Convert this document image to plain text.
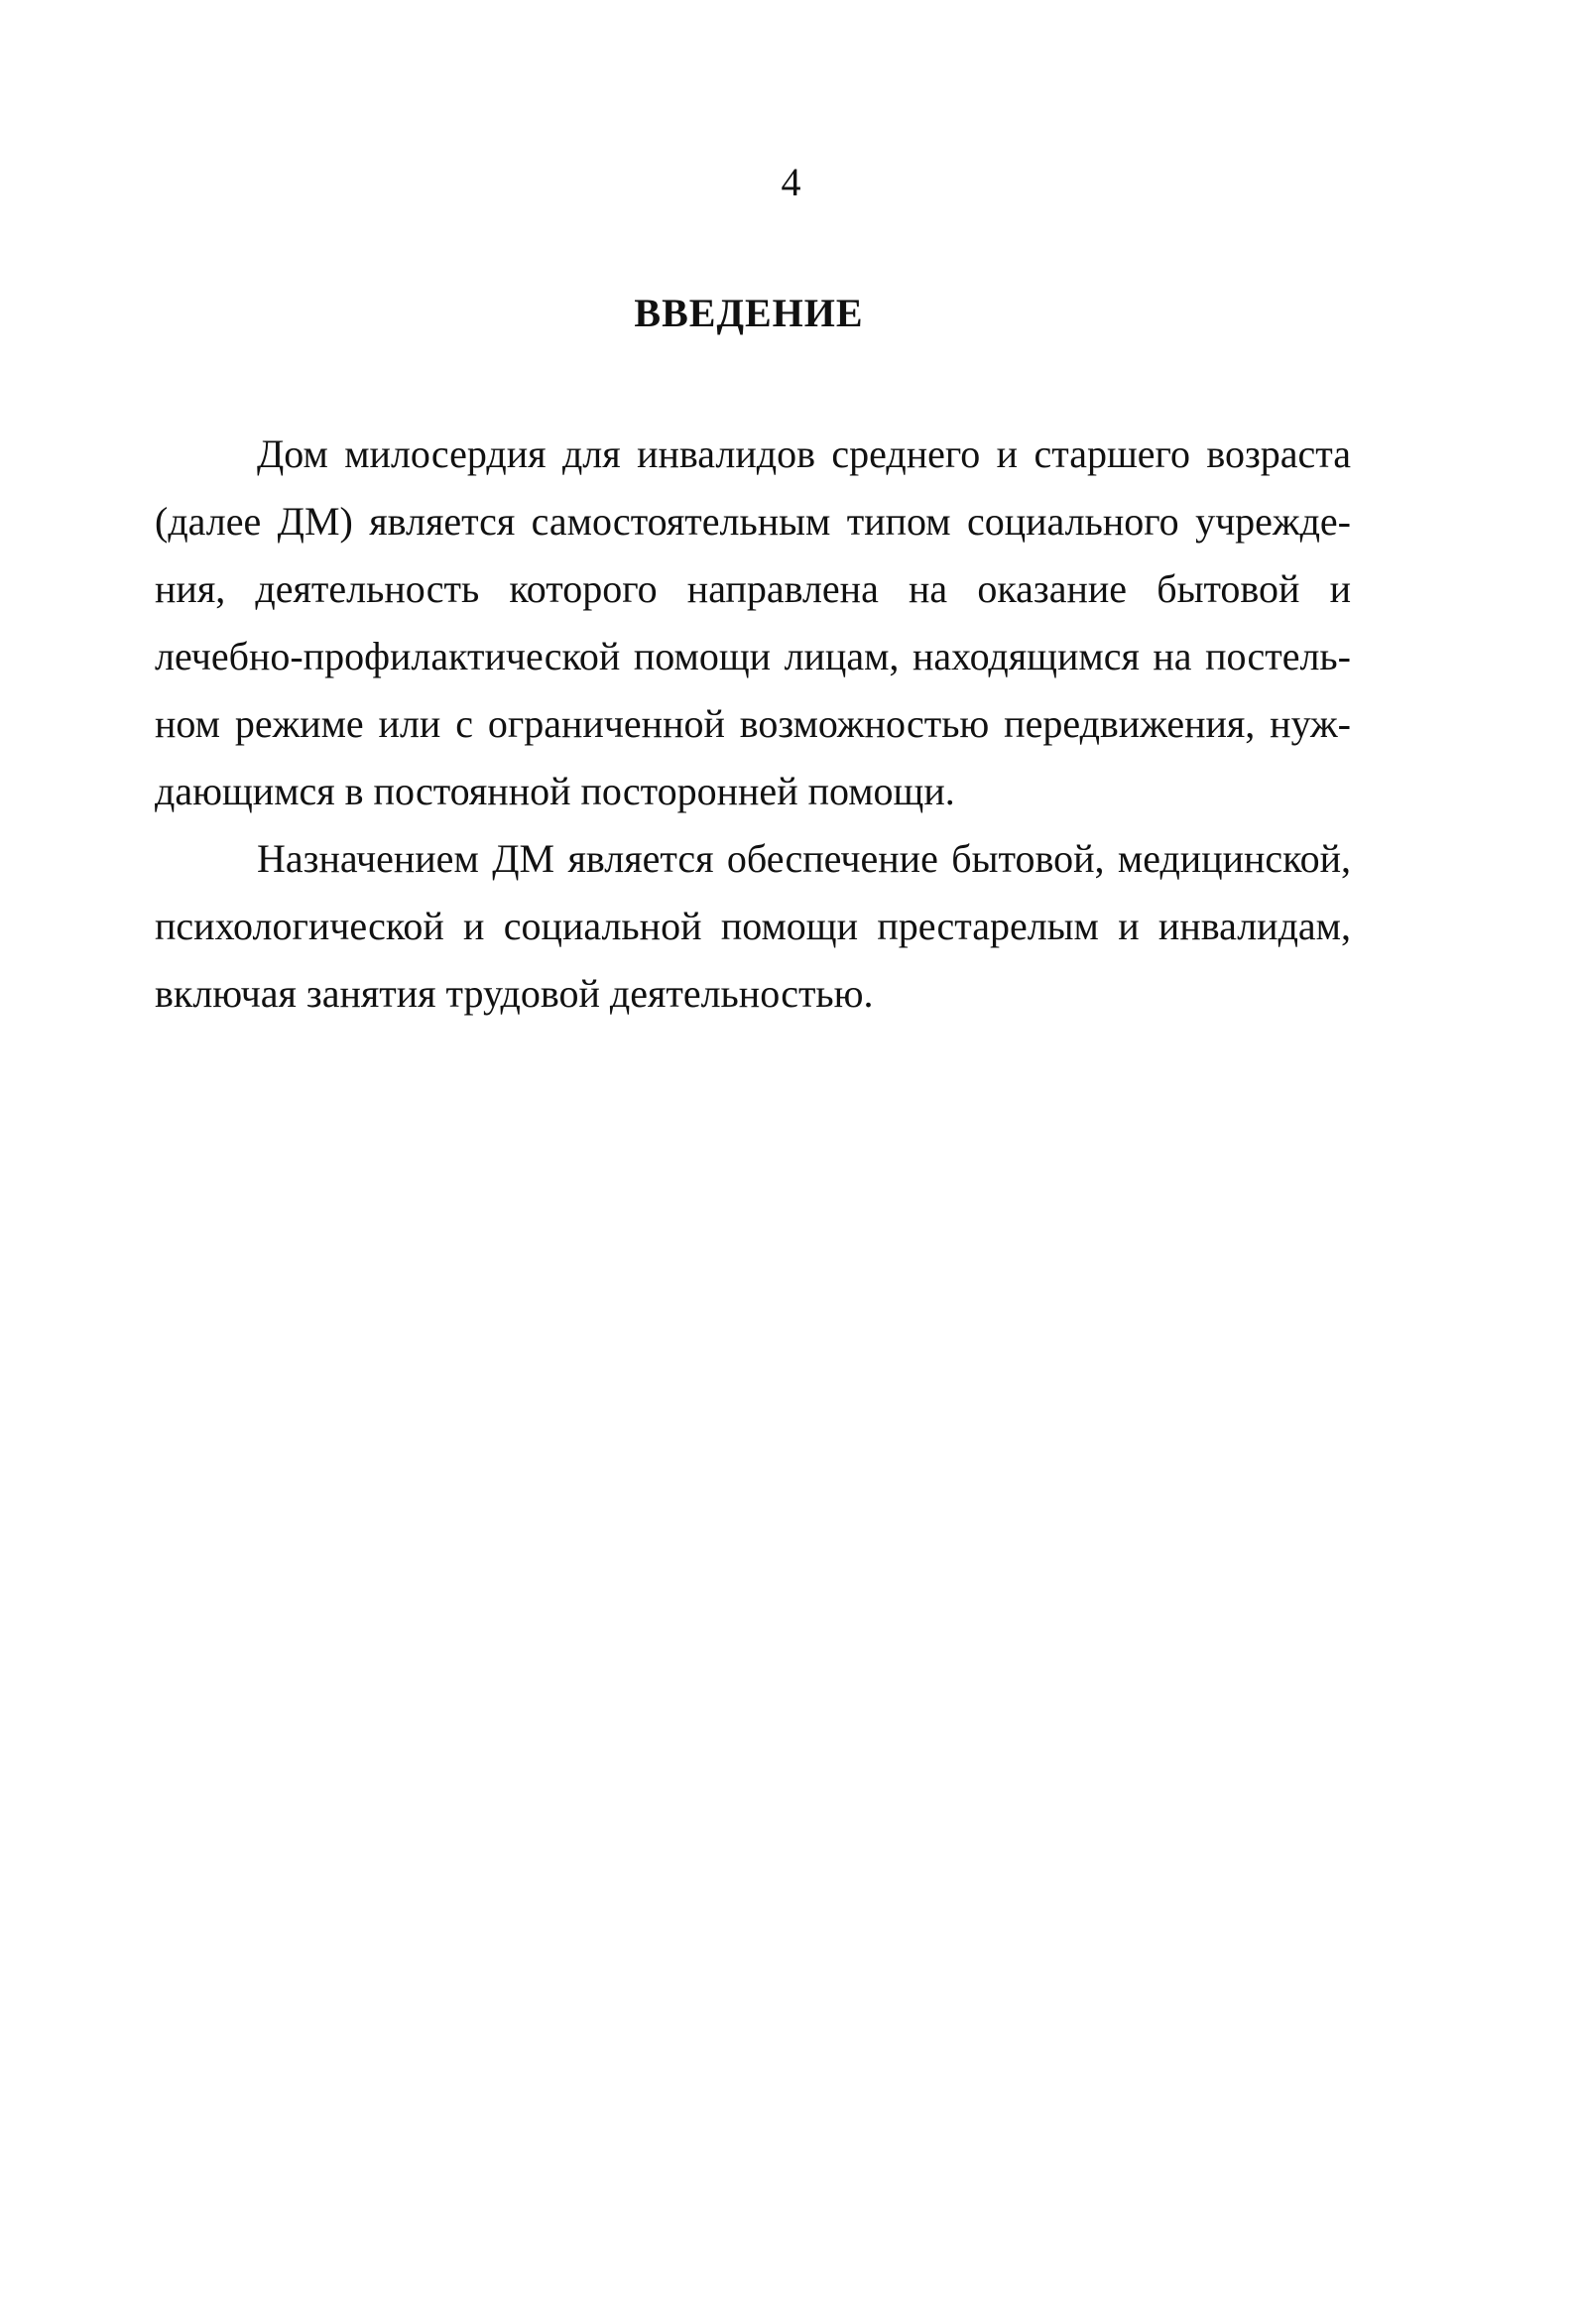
4

ВВЕДЕНИЕ
Дом милосердия для инвалидов среднего и старшего возраста
(далее ДМ) является самостоятельным типом социального учрежде-
ния, деятельность которого направлена на оказание бытовой и
лечебно-профилактической помощи лицам, находящимся на постель-
ном режиме или с ограниченной возможностью передвижения, нуж-
дающимся в постоянной посторонней помощи.
Назначением ДМ является обеспечение бытовой, медицинской,
психологической и социальной помощи престарелым и инвалидам,
включая занятия трудовой деятельностью.
